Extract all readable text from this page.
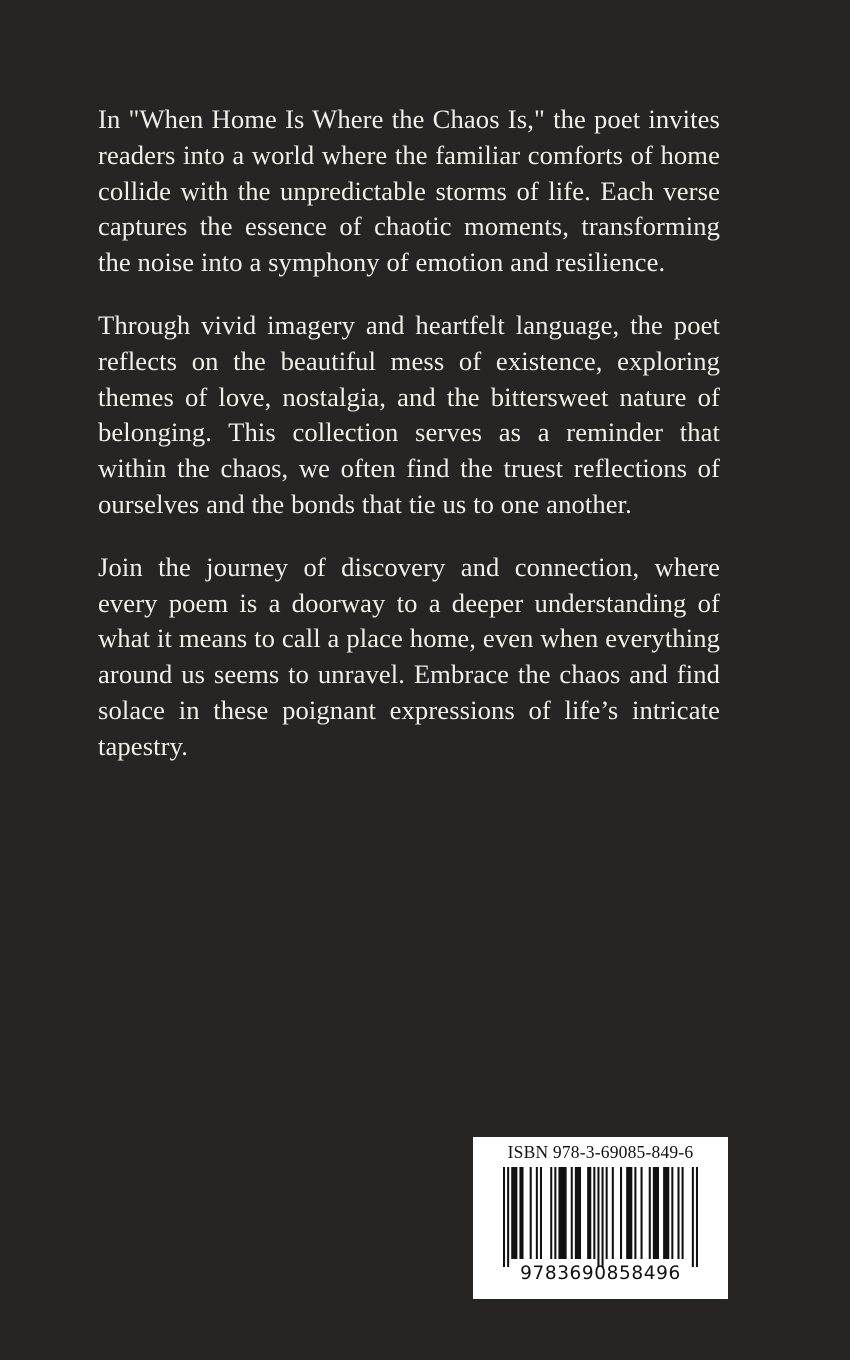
In "When Home Is Where the Chaos Is," the poet invites readers into a world where the familiar comforts of home collide with the unpredictable storms of life. Each verse captures the essence of chaotic moments, transforming the noise into a symphony of emotion and resilience.

Through vivid imagery and heartfelt language, the poet reflects on the beautiful mess of existence, exploring themes of love, nostalgia, and the bittersweet nature of belonging. This collection serves as a reminder that within the chaos, we often find the truest reflections of ourselves and the bonds that tie us to one another.

Join the journey of discovery and connection, where every poem is a doorway to a deeper understanding of what it means to call a place home, even when everything around us seems to unravel. Embrace the chaos and find solace in these poignant expressions of life’s intricate tapestry.

ISBN 978-3-69085-849-6
9783690858496
